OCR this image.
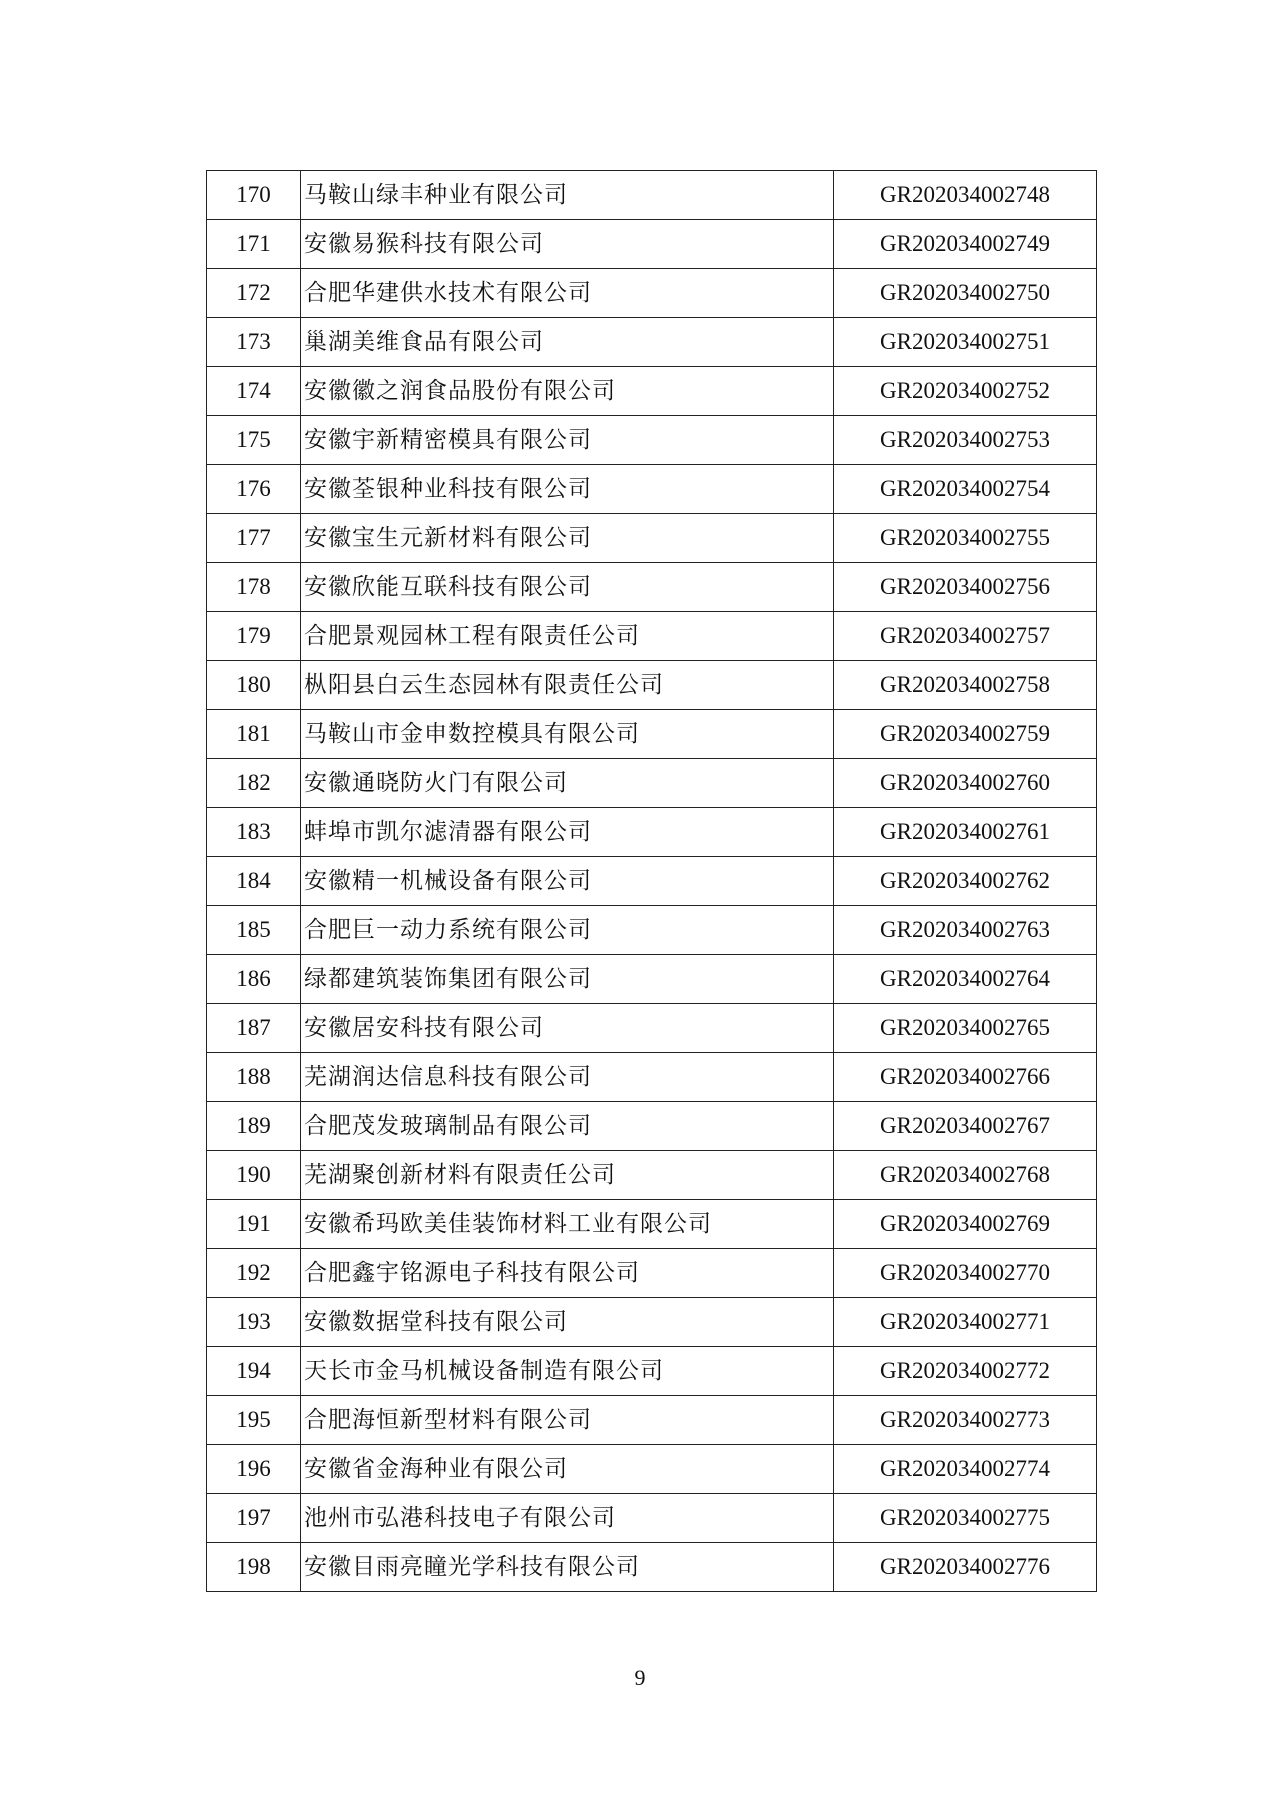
170	马鞍山绿丰种业有限公司	GR202034002748
171	安徽易猴科技有限公司	GR202034002749
172	合肥华建供水技术有限公司	GR202034002750
173	巢湖美维食品有限公司	GR202034002751
174	安徽徽之润食品股份有限公司	GR202034002752
175	安徽宇新精密模具有限公司	GR202034002753
176	安徽荃银种业科技有限公司	GR202034002754
177	安徽宝生元新材料有限公司	GR202034002755
178	安徽欣能互联科技有限公司	GR202034002756
179	合肥景观园林工程有限责任公司	GR202034002757
180	枞阳县白云生态园林有限责任公司	GR202034002758
181	马鞍山市金申数控模具有限公司	GR202034002759
182	安徽通晓防火门有限公司	GR202034002760
183	蚌埠市凯尔滤清器有限公司	GR202034002761
184	安徽精一机械设备有限公司	GR202034002762
185	合肥巨一动力系统有限公司	GR202034002763
186	绿都建筑装饰集团有限公司	GR202034002764
187	安徽居安科技有限公司	GR202034002765
188	芜湖润达信息科技有限公司	GR202034002766
189	合肥茂发玻璃制品有限公司	GR202034002767
190	芜湖聚创新材料有限责任公司	GR202034002768
191	安徽希玛欧美佳装饰材料工业有限公司	GR202034002769
192	合肥鑫宇铭源电子科技有限公司	GR202034002770
193	安徽数据堂科技有限公司	GR202034002771
194	天长市金马机械设备制造有限公司	GR202034002772
195	合肥海恒新型材料有限公司	GR202034002773
196	安徽省金海种业有限公司	GR202034002774
197	池州市弘港科技电子有限公司	GR202034002775
198	安徽目雨亮瞳光学科技有限公司	GR202034002776
9
